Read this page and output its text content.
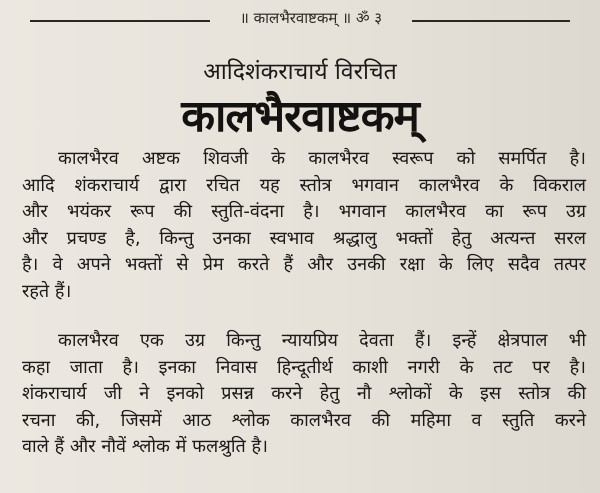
॥ कालभैरवाष्टकम् ॥ ॐ ३
आदिशंकराचार्य विरचित
कालभैरवाष्टकम्
कालभैरव अष्टक शिवजी के कालभैरव स्वरूप को समर्पित है।
आदि शंकराचार्य द्वारा रचित यह स्तोत्र भगवान कालभैरव के विकराल
और भयंकर रूप की स्तुति-वंदना है। भगवान कालभैरव का रूप उग्र
और प्रचण्ड है, किन्तु उनका स्वभाव श्रद्धालु भक्तों हेतु अत्यन्त सरल
है। वे अपने भक्तों से प्रेम करते हैं और उनकी रक्षा के लिए सदैव तत्पर
रहते हैं।
कालभैरव एक उग्र किन्तु न्यायप्रिय देवता हैं। इन्हें क्षेत्रपाल भी
कहा जाता है। इनका निवास हिन्दूतीर्थ काशी नगरी के तट पर है।
शंकराचार्य जी ने इनको प्रसन्न करने हेतु नौ श्लोकों के इस स्तोत्र की
रचना की, जिसमें आठ श्लोक कालभैरव की महिमा व स्तुति करने
वाले हैं और नौवें श्लोक में फलश्रुति है।
